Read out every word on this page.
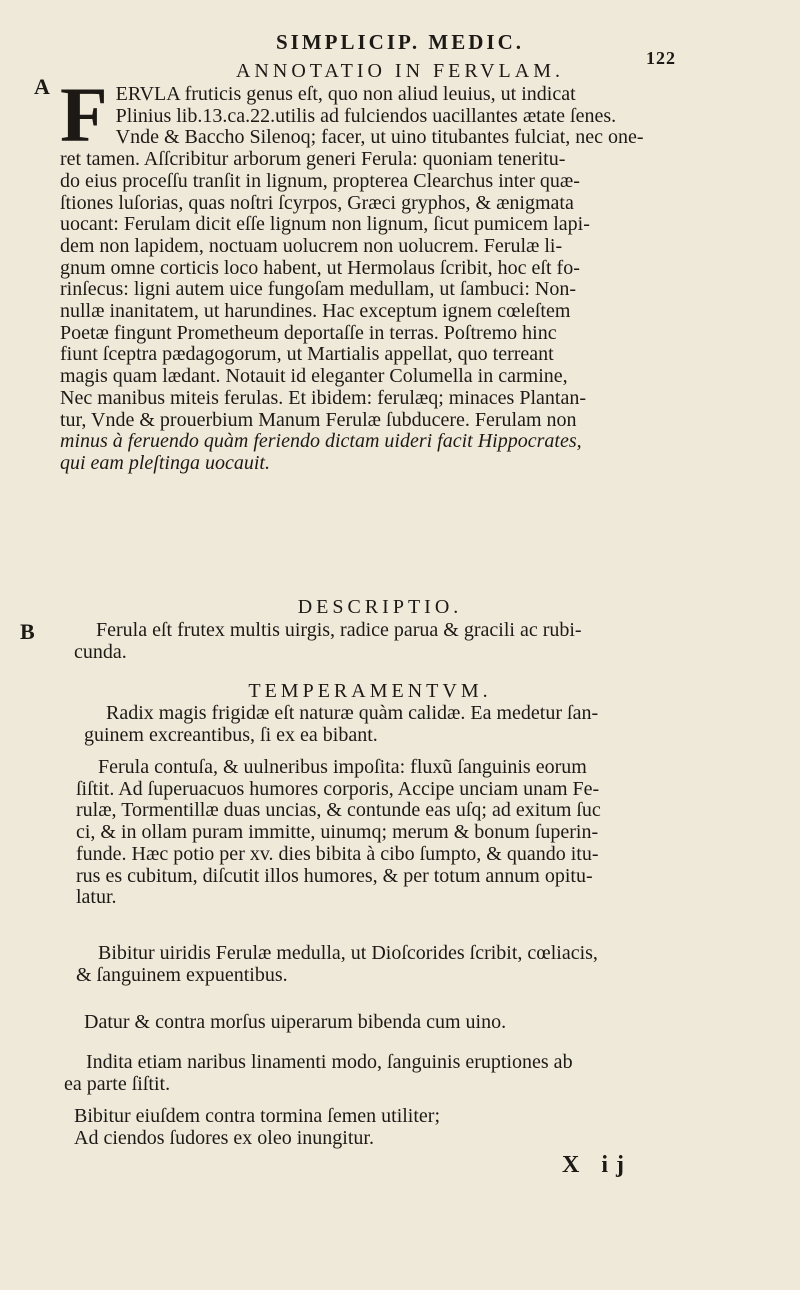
SIMPLICIP. MEDIC.
122
A
B
ANNOTATIO IN FERVLAM.
F ERVLA fruticis genus eſt, quo non aliud leuius, ut indicat
Plinius lib.13.ca.22.utilis ad fulciendos uacillantes ætate ſenes.
Vnde & Baccho Silenoq; facer, ut uino titubantes fulciat, nec one-
ret tamen. Aſſcribitur arborum generi Ferula: quoniam teneritu-
do eius proceſſu tranſit in lignum, propterea Clearchus inter quæ-
ſtiones luſorias, quas noſtri ſcyrpos, Græci gryphos, & ænigmata
uocant: Ferulam dicit eſſe lignum non lignum, ſicut pumicem lapi-
dem non lapidem, noctuam uolucrem non uolucrem. Ferulæ li-
gnum omne corticis loco habent, ut Hermolaus ſcribit, hoc eſt fo-
rinſecus: ligni autem uice fungoſam medullam, ut ſambuci: Non-
nullæ inanitatem, ut harundines. Hac exceptum ignem cœleſtem
Poetæ fingunt Prometheum deportaſſe in terras. Poſtremo hinc
fiunt ſceptra pædagogorum, ut Martialis appellat, quo terreant
magis quam lædant. Notauit id eleganter Columella in carmine,
Nec manibus miteis ferulas. Et ibidem: ferulæq; minaces Plantan-
tur, Vnde & prouerbium Manum Ferulæ ſubducere. Ferulam non
minus à feruendo quàm feriendo dictam uideri facit Hippocrates,
qui eam pleſtinga uocauit.
DESCRIPTIO.
Ferula eſt frutex multis uirgis, radice parua & gracili ac rubi-
cunda.
TEMPERAMENTVM.
Radix magis frigidæ eſt naturæ quàm calidæ. Ea medetur ſan-
guinem excreantibus, ſi ex ea bibant.
Ferula contuſa, & uulneribus impoſita: fluxũ ſanguinis eorum
ſiſtit. Ad ſuperuacuos humores corporis, Accipe unciam unam Fe-
rulæ, Tormentillæ duas uncias, & contunde eas uſq; ad exitum ſuc
ci, & in ollam puram immitte, uinumq; merum & bonum ſuperin-
funde. Hæc potio per xv. dies bibita à cibo ſumpto, & quando itu-
rus es cubitum, diſcutit illos humores, & per totum annum opitu-
latur.
Bibitur uiridis Ferulæ medulla, ut Dioſcorides ſcribit, cœliacis,
& ſanguinem expuentibus.
Datur & contra morſus uiperarum bibenda cum uino.
Indita etiam naribus linamenti modo, ſanguinis eruptiones ab
ea parte ſiſtit.
Bibitur eiuſdem contra tormina ſemen utiliter;
Ad ciendos ſudores ex oleo inungitur.
X ij
